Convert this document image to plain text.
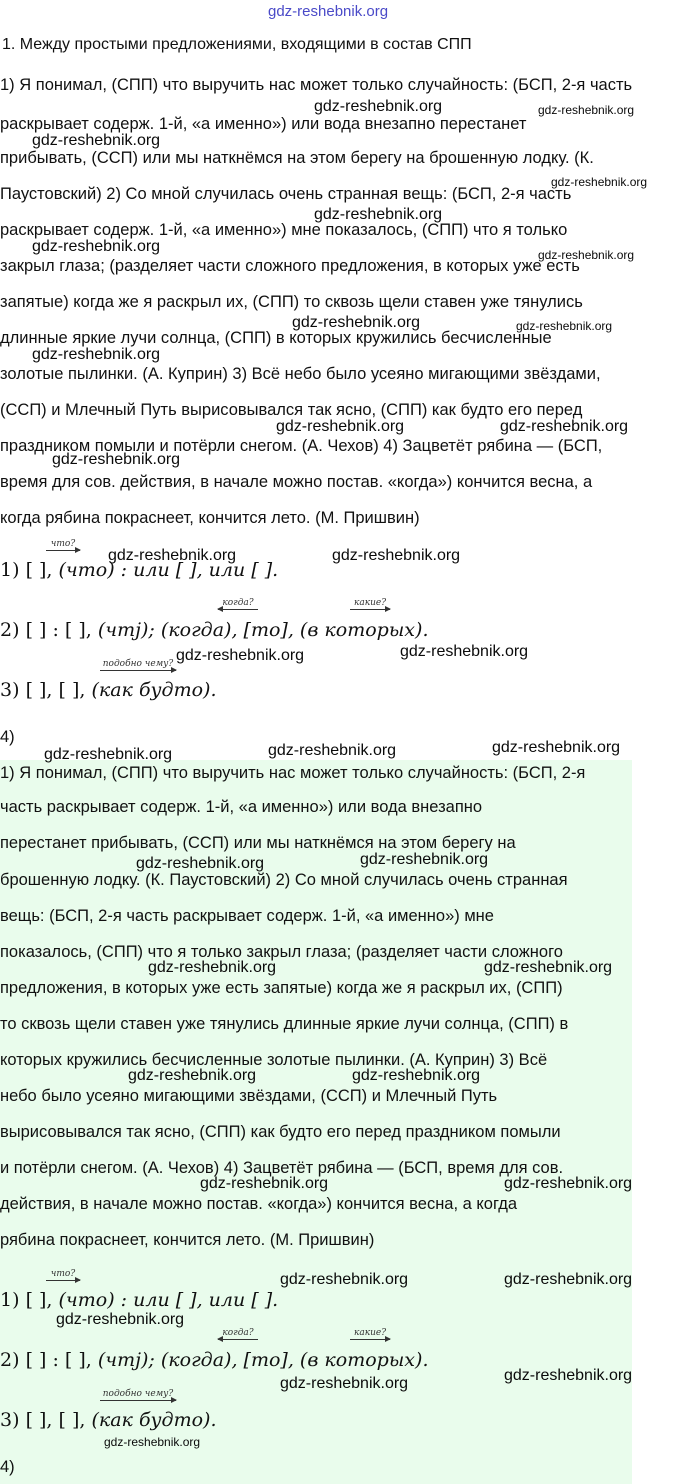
gdz-reshebnik.org
1. Между простыми предложениями, входящими в состав СПП
1) Я понимал, (СПП) что выручить нас может только случайность: (БСП, 2-я часть
раскрывает содерж. 1-й, «а именно») или вода внезапно перестанет
прибывать, (ССП) или мы наткнёмся на этом берегу на брошенную лодку. (К.
Паустовский) 2) Со мной случилась очень странная вещь: (БСП, 2-я часть
раскрывает содерж. 1-й, «а именно») мне показалось, (СПП) что я только
закрыл глаза; (разделяет части сложного предложения, в которых уже есть
запятые) когда же я раскрыл их, (СПП) то сквозь щели ставен уже тянулись
длинные яркие лучи солнца, (СПП) в которых кружились бесчисленные
золотые пылинки. (А. Куприн) 3) Всё небо было усеяно мигающими звёздами,
(ССП) и Млечный Путь вырисовывался так ясно, (СПП) как будто его перед
праздником помыли и потёрли снегом. (А. Чехов) 4) Зацветёт рябина — (БСП,
время для сов. действия, в начале можно постав. «когда») кончится весна, а
когда рябина покраснеет, кончится лето. (М. Пришвин)
что?
1) [ ], (что) : или [ ], или [ ].
когда?	какие?
2) [ ] : [ ], (чтj); (когда), [то], (в которых).
подобно чему?
3) [ ], [ ], (как будто).
4)
1) Я понимал, (СПП) что выручить нас может только случайность: (БСП, 2-я
часть раскрывает содерж. 1-й, «а именно») или вода внезапно
перестанет прибывать, (ССП) или мы наткнёмся на этом берегу на
брошенную лодку. (К. Паустовский) 2) Со мной случилась очень странная
вещь: (БСП, 2-я часть раскрывает содерж. 1-й, «а именно») мне
показалось, (СПП) что я только закрыл глаза; (разделяет части сложного
предложения, в которых уже есть запятые) когда же я раскрыл их, (СПП)
то сквозь щели ставен уже тянулись длинные яркие лучи солнца, (СПП) в
которых кружились бесчисленные золотые пылинки. (А. Куприн) 3) Всё
небо было усеяно мигающими звёздами, (ССП) и Млечный Путь
вырисовывался так ясно, (СПП) как будто его перед праздником помыли
и потёрли снегом. (А. Чехов) 4) Зацветёт рябина — (БСП, время для сов.
действия, в начале можно постав. «когда») кончится весна, а когда
рябина покраснеет, кончится лето. (М. Пришвин)
что?
1) [ ], (что) : или [ ], или [ ].
когда?	какие?
2) [ ] : [ ], (чтj); (когда), [то], (в которых).
подобно чему?
3) [ ], [ ], (как будто).
4)
gdz-reshebnik.org	gdz-reshebnik.org
gdz-reshebnik.org
gdz-reshebnik.org
gdz-reshebnik.org
gdz-reshebnik.org	gdz-reshebnik.org
gdz-reshebnik.org	gdz-reshebnik.org
gdz-reshebnik.org
gdz-reshebnik.org	gdz-reshebnik.org
gdz-reshebnik.org
gdz-reshebnik.org	gdz-reshebnik.org
gdz-reshebnik.org	gdz-reshebnik.org
gdz-reshebnik.org	gdz-reshebnik.org	gdz-reshebnik.org
gdz-reshebnik.org	gdz-reshebnik.org
gdz-reshebnik.org	gdz-reshebnik.org
gdz-reshebnik.org	gdz-reshebnik.org
gdz-reshebnik.org	gdz-reshebnik.org
gdz-reshebnik.org	gdz-reshebnik.org
gdz-reshebnik.org
gdz-reshebnik.org
gdz-reshebnik.org
gdz-reshebnik.org
